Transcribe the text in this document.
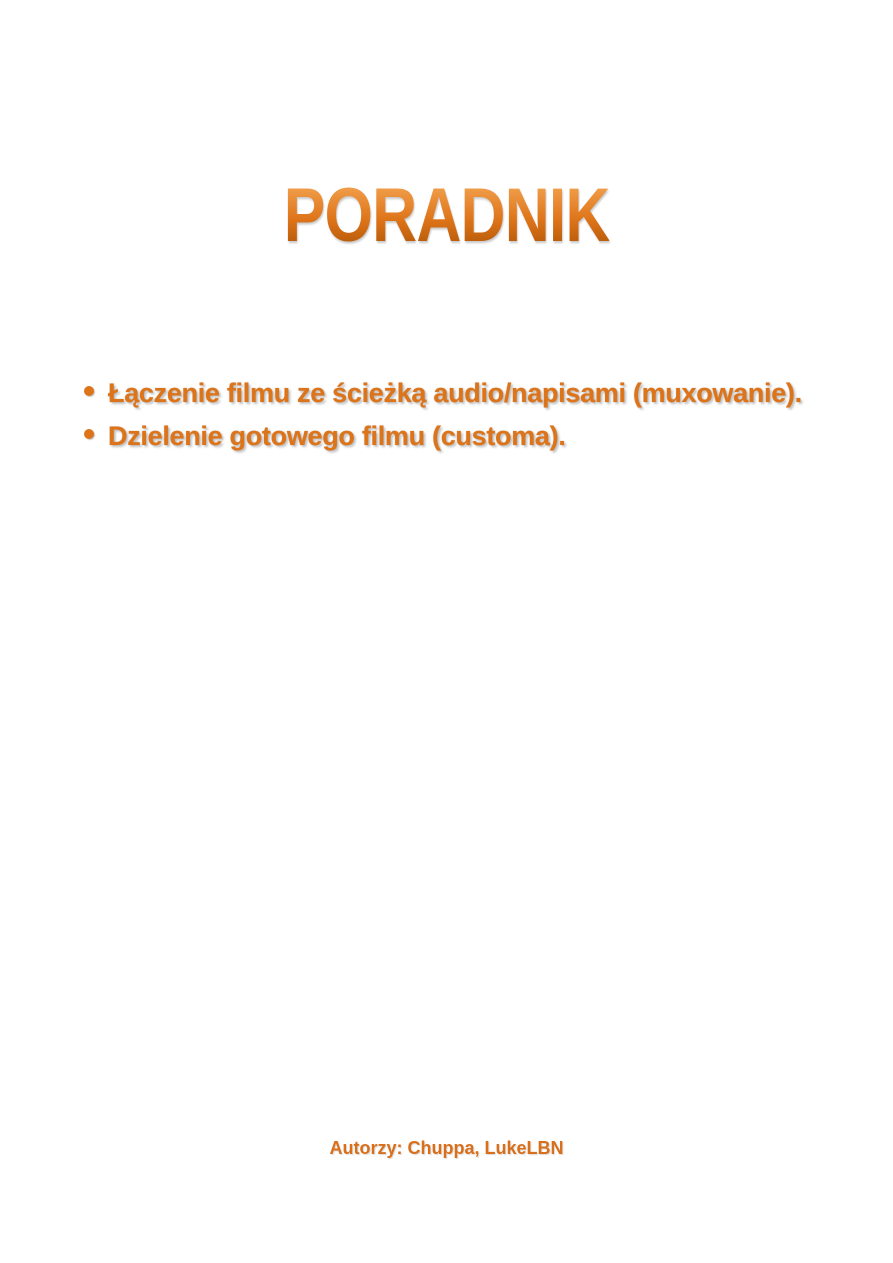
PORADNIK
Łączenie filmu ze ścieżką audio/napisami (muxowanie).
Dzielenie gotowego filmu (customa).
Autorzy: Chuppa, LukeLBN
